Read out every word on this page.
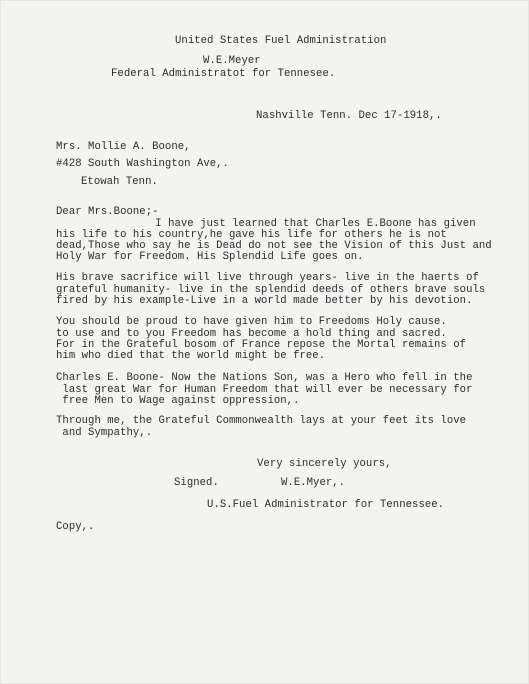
United States Fuel Administration
W.E.Meyer
Federal Administratot for Tennesee.
Nashville Tenn. Dec 17-1918,.
Mrs. Mollie A. Boone,
#428 South Washington Ave,.
Etowah Tenn.
Dear Mrs.Boone;-
I have just learned that Charles E.Boone has given
his life to his country,he gave his life for others he is not
dead,Those who say he is Dead do not see the Vision of this Just and
Holy War for Freedom. His Splendid Life goes on.
His brave sacrifice will live through years- live in the haerts of
grateful humanity- live in the splendid deeds of others brave souls
fired by his example-Live in a world made better by his devotion.
You should be proud to have given him to Freedoms Holy cause.
to use and to you Freedom has become a hold thing and sacred.
For in the Grateful bosom of France repose the Mortal remains of
him who died that the world might be free.
Charles E. Boone- Now the Nations Son, was a Hero who fell in the
last great War for Human Freedom that will ever be necessary for
free Men to Wage against oppression,.
Through me, the Grateful Commonwealth lays at your feet its love
and Sympathy,.
Very sincerely yours,
Signed.	W.E.Myer,.
U.S.Fuel Administrator for Tennessee.
Copy,.
